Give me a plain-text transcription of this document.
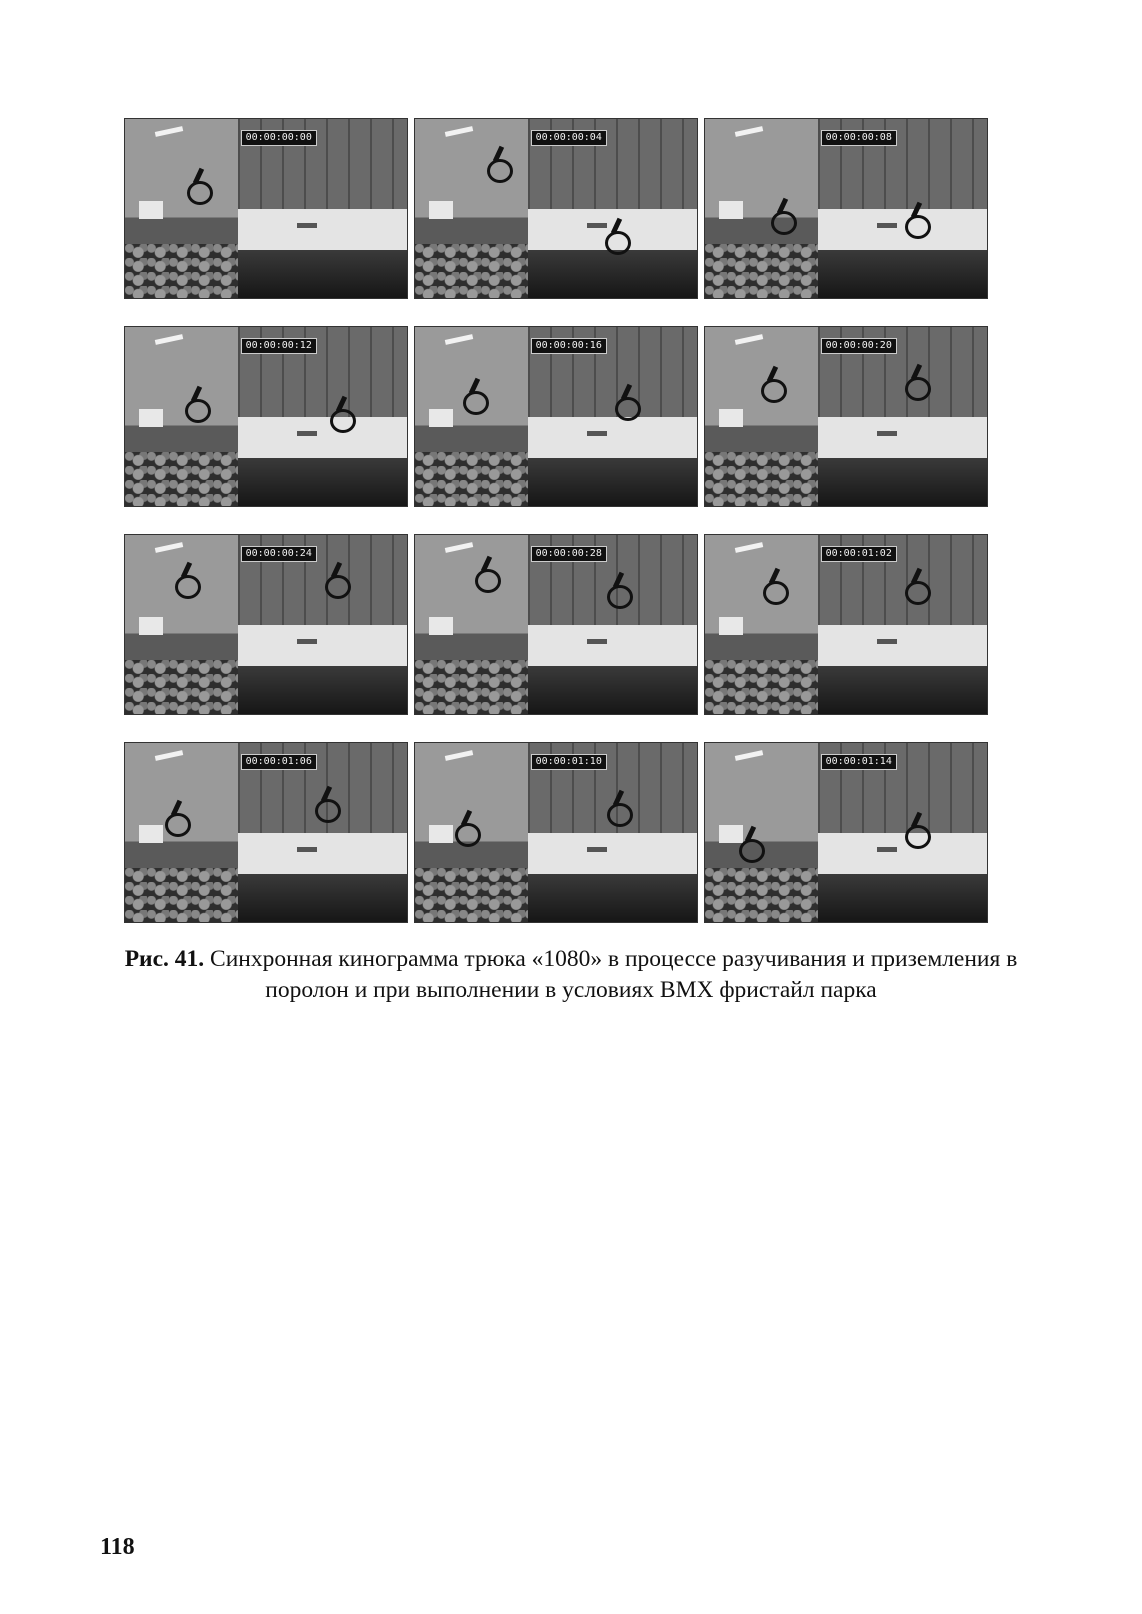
00:00:00:00	00:00:00:04	00:00:00:08
00:00:00:12	00:00:00:16	00:00:00:20
00:00:00:24	00:00:00:28	00:00:01:02
00:00:01:06	00:00:01:10	00:00:01:14
Рис. 41. Синхронная кинограмма трюка «1080» в процессе разучивания и приземления в поролон и при выполнении в условиях BMX фристайл парка
118
